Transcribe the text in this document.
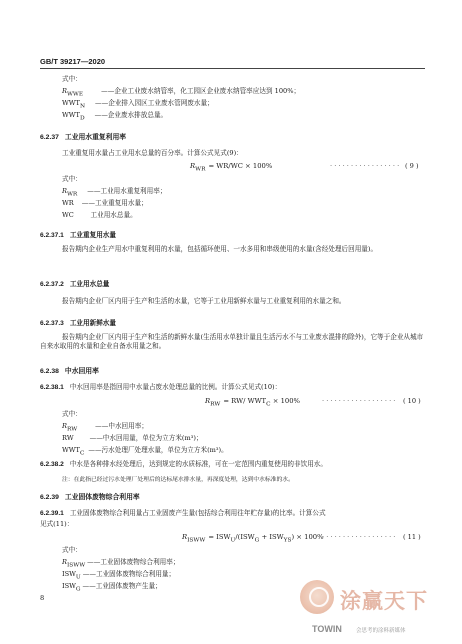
GB/T 39217—2020
式中：
$R_{WWE}$	——企业工业废水纳管率，化工园区企业废水纳管率应达到 100%；
$WWT_N$ ——企业排入园区工业废水管网废水量；
$WWT_D$ ——企业废水排放总量。
6.2.37 工业用水重复利用率
工业重复用水量占工业用水总量的百分率。计算公式见式(9)：
$R_{WR} = WR/WC \times 100\%$	· · · · · · · · · · · · · · · · · ( 9 )
式中：
$R_{WR}$ ——工业用水重复利用率；
WR ——工业重复用水量；
WC　 工业用水总量。
6.2.37.1 工业重复用水量
报告期内企业生产用水中重复利用的水量，包括循环使用、一水多用和串级使用的水量(含经处理后回用量)。
6.2.37.2 工业用水总量
报告期内企业厂区内用于生产和生活的水量，它等于工业用新鲜水量与工业重复利用的水量之和。
6.2.37.3 工业用新鲜水量
报告期内企业厂区内用于生产和生活的新鲜水量(生活用水单独计量且生活污水不与工业废水混排的除外)，它等于企业从城市自来水取用的水量和企业自备水用量之和。
6.2.38 中水回用率
6.2.38.1 中水回用率是指回用中水量占废水处理总量的比例。计算公式见式(10)：
$R_{RW} = RW/$ $WWT_C \times 100\%$	· · · · · · · · · · · · · · · · · · ( 10 )
式中：
$R_{RW}$	——中水回用率；
RW ——中水回用量，单位为立方米(m³)；
$WWT_C$ ——污水处理厂处理水量，单位为立方米(m³)。
6.2.38.2 中水是各种排水经处理后，达到规定的水质标准，可在一定范围内重复使用的非饮用水。
注：在此指已经过污水处理厂处理后的达标尾水排水量，再深度处理，达到中水标准的水。
6.2.39 工业固体废物综合利用率
6.2.39.1 工业固体废物综合利用量占工业固废产生量(包括综合利用往年贮存量)的比率。计算公式
见式(11)：
$R_{ISWW} = ISW_U/(ISW_G + ISW_{YS}) \times 100\%$
· · · · · · · · · · · · · · · · · · ( 11 )
式中：
$R_{ISWW}$ ——工业固体废物综合利用率；
$ISW_U$ ——工业固体废物综合利用量；
$ISW_G$ ——工业固体废物产生量；
8	涂赢天下
TOWIN	会思考的涂料新媒体
